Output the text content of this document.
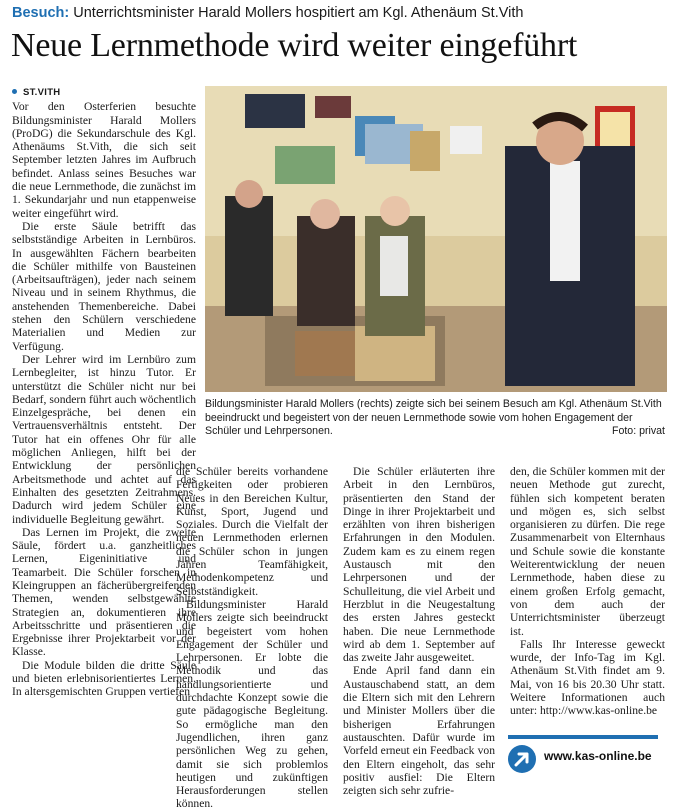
Besuch: Unterrichtsminister Harald Mollers hospitiert am Kgl. Athenäum St.Vith
Neue Lernmethode wird weiter eingeführt
ST.VITH

Vor den Osterferien besuchte Bildungsminister Harald Mollers (ProDG) die Sekundarschule des Kgl. Athenäums St.Vith, die sich seit September letzten Jahres im Aufbruch befindet. Anlass seines Besuches war die neue Lernmethode, die zunächst im 1. Sekundarjahr und nun etappenweise weiter eingeführt wird.

Die erste Säule betrifft das selbstständige Arbeiten in Lernbüros. In ausgewählten Fächern bearbeiten die Schüler mithilfe von Bausteinen (Arbeitsaufträgen), jeder nach seinem Niveau und in seinem Rhythmus, die anstehenden Themenbereiche. Dabei stehen den Schülern verschiedene Materialien und Medien zur Verfügung.

Der Lehrer wird im Lernbüro zum Lernbegleiter, ist hinzu Tutor. Er unterstützt die Schüler nicht nur bei Bedarf, sondern führt auch wöchentlich Einzelgespräche, bei denen ein Vertrauensverhältnis entsteht. Der Tutor hat ein offenes Ohr für alle möglichen Anliegen, hilft bei der Entwicklung der persönlichen Arbeitsmethode und achtet auf das Einhalten des gesetzten Zeitrahmens. Dadurch wird jedem Schüler eine individuelle Begleitung gewährt.

Das Lernen im Projekt, die zweite Säule, fördert u.a. ganzheitliches Lernen, Eigeninitiative und Teamarbeit. Die Schüler forschen in Kleingruppen an fächerübergreifenden Themen, wenden selbstgewählte Strategien an, dokumentieren ihre Arbeitsschritte und präsentieren die Ergebnisse ihrer Projektarbeit vor der Klasse.

Die Module bilden die dritte Säule und bieten erlebnisorientiertes Lernen. In altersgemischten Gruppen vertiefen

Bildungsminister Harald Mollers (rechts) zeigte sich bei seinem Besuch am Kgl. Athenäum St.Vith beeindruckt und begeistert von der neuen Lernmethode sowie vom hohen Engagement der Schüler und Lehrpersonen.	Foto: privat

die Schüler bereits vorhandene Fertigkeiten oder probieren Neues in den Bereichen Kultur, Kunst, Sport, Jugend und Soziales. Durch die Vielfalt der neuen Lernmethoden erlernen die Schüler schon in jungen Jahren Teamfähigkeit, Methodenkompetenz und Selbstständigkeit.

Bildungsminister Harald Mollers zeigte sich beeindruckt und begeistert vom hohen Engagement der Schüler und Lehrpersonen. Er lobte die Methodik und das handlungsorientierte und durchdachte Konzept sowie die gute pädagogische Begleitung. So ermögliche man den Jugendlichen, ihren ganz persönlichen Weg zu gehen, damit sie sich problemlos heutigen und zukünftigen Herausforderungen stellen können.

Die Schüler erläuterten ihre Arbeit in den Lernbüros, präsentierten den Stand der Dinge in ihrer Projektarbeit und erzählten von ihren bisherigen Erfahrungen in den Modulen. Zudem kam es zu einem regen Austausch mit den Lehrpersonen und der Schulleitung, die viel Arbeit und Herzblut in die Neugestaltung des ersten Jahres gesteckt haben. Die neue Lernmethode wird ab dem 1. September auf das zweite Jahr ausgeweitet.

Ende April fand dann ein Austauschabend statt, an dem die Eltern sich mit den Lehrern und Minister Mollers über die bisherigen Erfahrungen austauschten. Dafür wurde im Vorfeld erneut ein Feedback von den Eltern eingeholt, das sehr positiv ausfiel: Die Eltern zeigten sich sehr zufrie-

den, die Schüler kommen mit der neuen Methode gut zurecht, fühlen sich kompetent beraten und mögen es, sich selbst organisieren zu dürfen. Die rege Zusammenarbeit von Elternhaus und Schule sowie die konstante Weiterentwicklung der neuen Lernmethode, haben diese zu einem großen Erfolg gemacht, von dem auch der Unterrichtsminister überzeugt ist.

Falls Ihr Interesse geweckt wurde, der Info-Tag im Kgl. Athenäum St.Vith findet am 9. Mai, von 16 bis 20.30 Uhr statt. Weitere Informationen auch unter: http://www.kas-online.be

www.kas-online.be
